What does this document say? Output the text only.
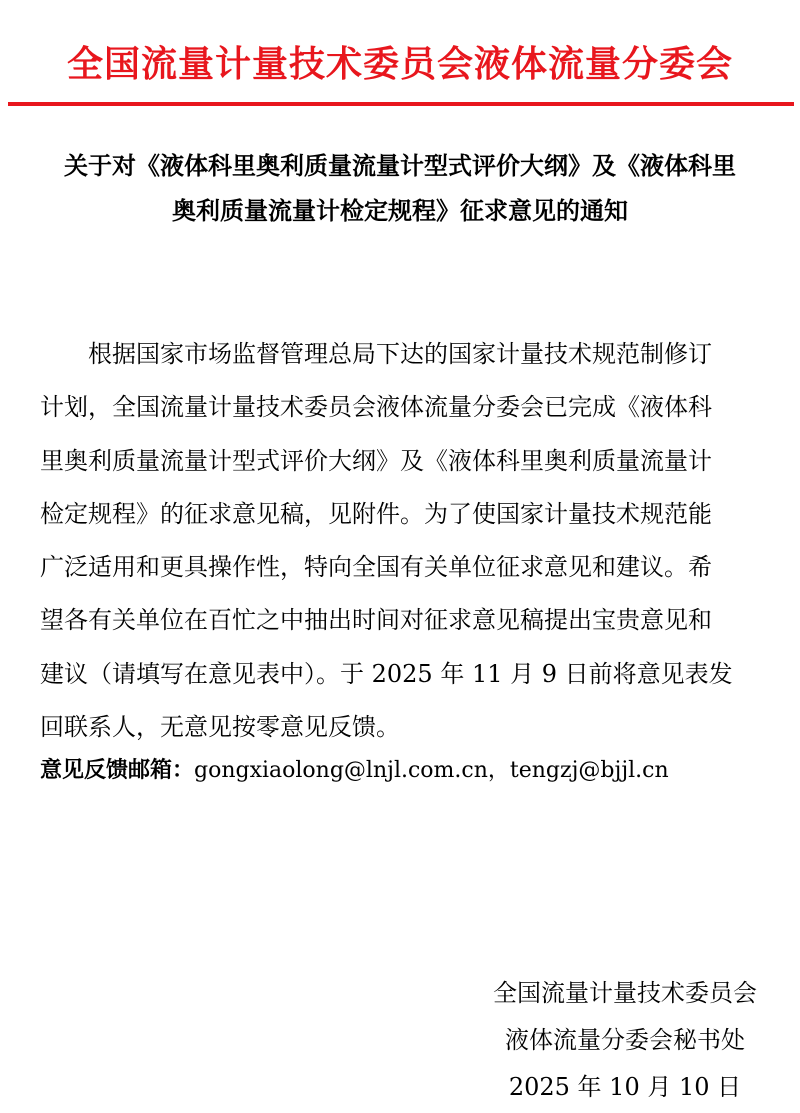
全国流量计量技术委员会液体流量分委会
关于对《液体科里奥利质量流量计型式评价大纲》及《液体科里
奥利质量流量计检定规程》征求意见的通知
根据国家市场监督管理总局下达的国家计量技术规范制修订
计划，全国流量计量技术委员会液体流量分委会已完成《液体科
里奥利质量流量计型式评价大纲》及《液体科里奥利质量流量计
检定规程》的征求意见稿，见附件。为了使国家计量技术规范能
广泛适用和更具操作性，特向全国有关单位征求意见和建议。希
望各有关单位在百忙之中抽出时间对征求意见稿提出宝贵意见和
建议（请填写在意见表中）。于 2025 年 11 月 9 日前将意见表发
回联系人，无意见按零意见反馈。
意见反馈邮箱：gongxiaolong@lnjl.com.cn，tengzj@bjjl.cn
全国流量计量技术委员会
液体流量分委会秘书处
2025 年 10 月 10 日
